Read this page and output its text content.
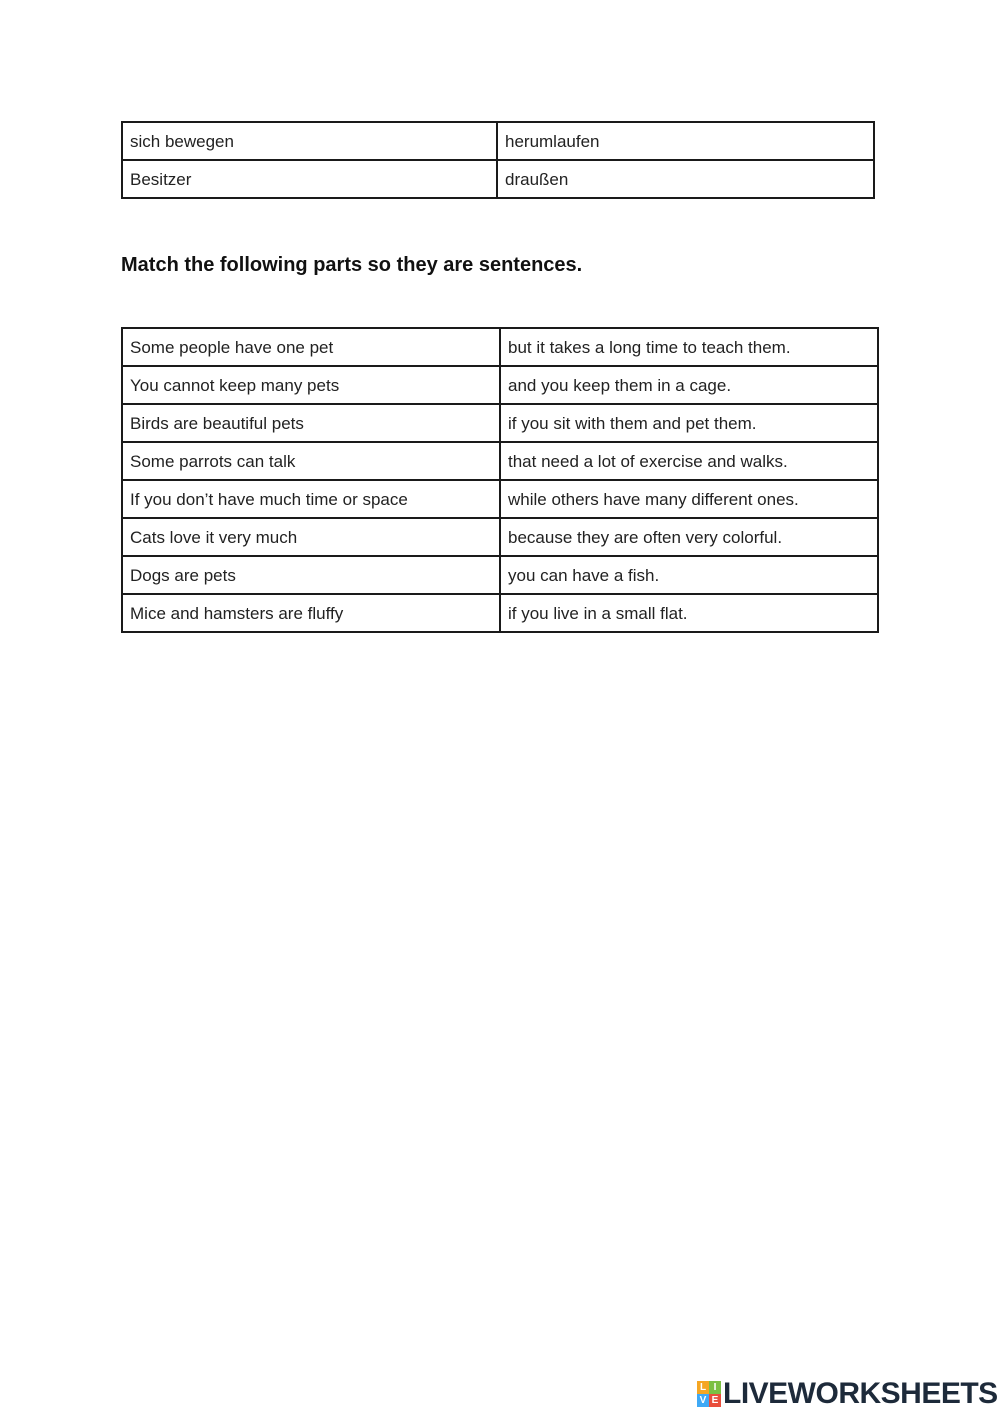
sich bewegen	herumlaufen
Besitzer	draußen
Match the following parts so they are sentences.
Some people have one pet	but it takes a long time to teach them.
You cannot keep many pets	and you keep them in a cage.
Birds are beautiful pets	if you sit with them and pet them.
Some parrots can talk	that need a lot of exercise and walks.
If you don’t have much time or space	while others have many different ones.
Cats love it very much	because they are often very colorful.
Dogs are pets	you can have a fish.
Mice and hamsters are fluffy	if you live in a small flat.
L I
V E LIVEWORKSHEETS
